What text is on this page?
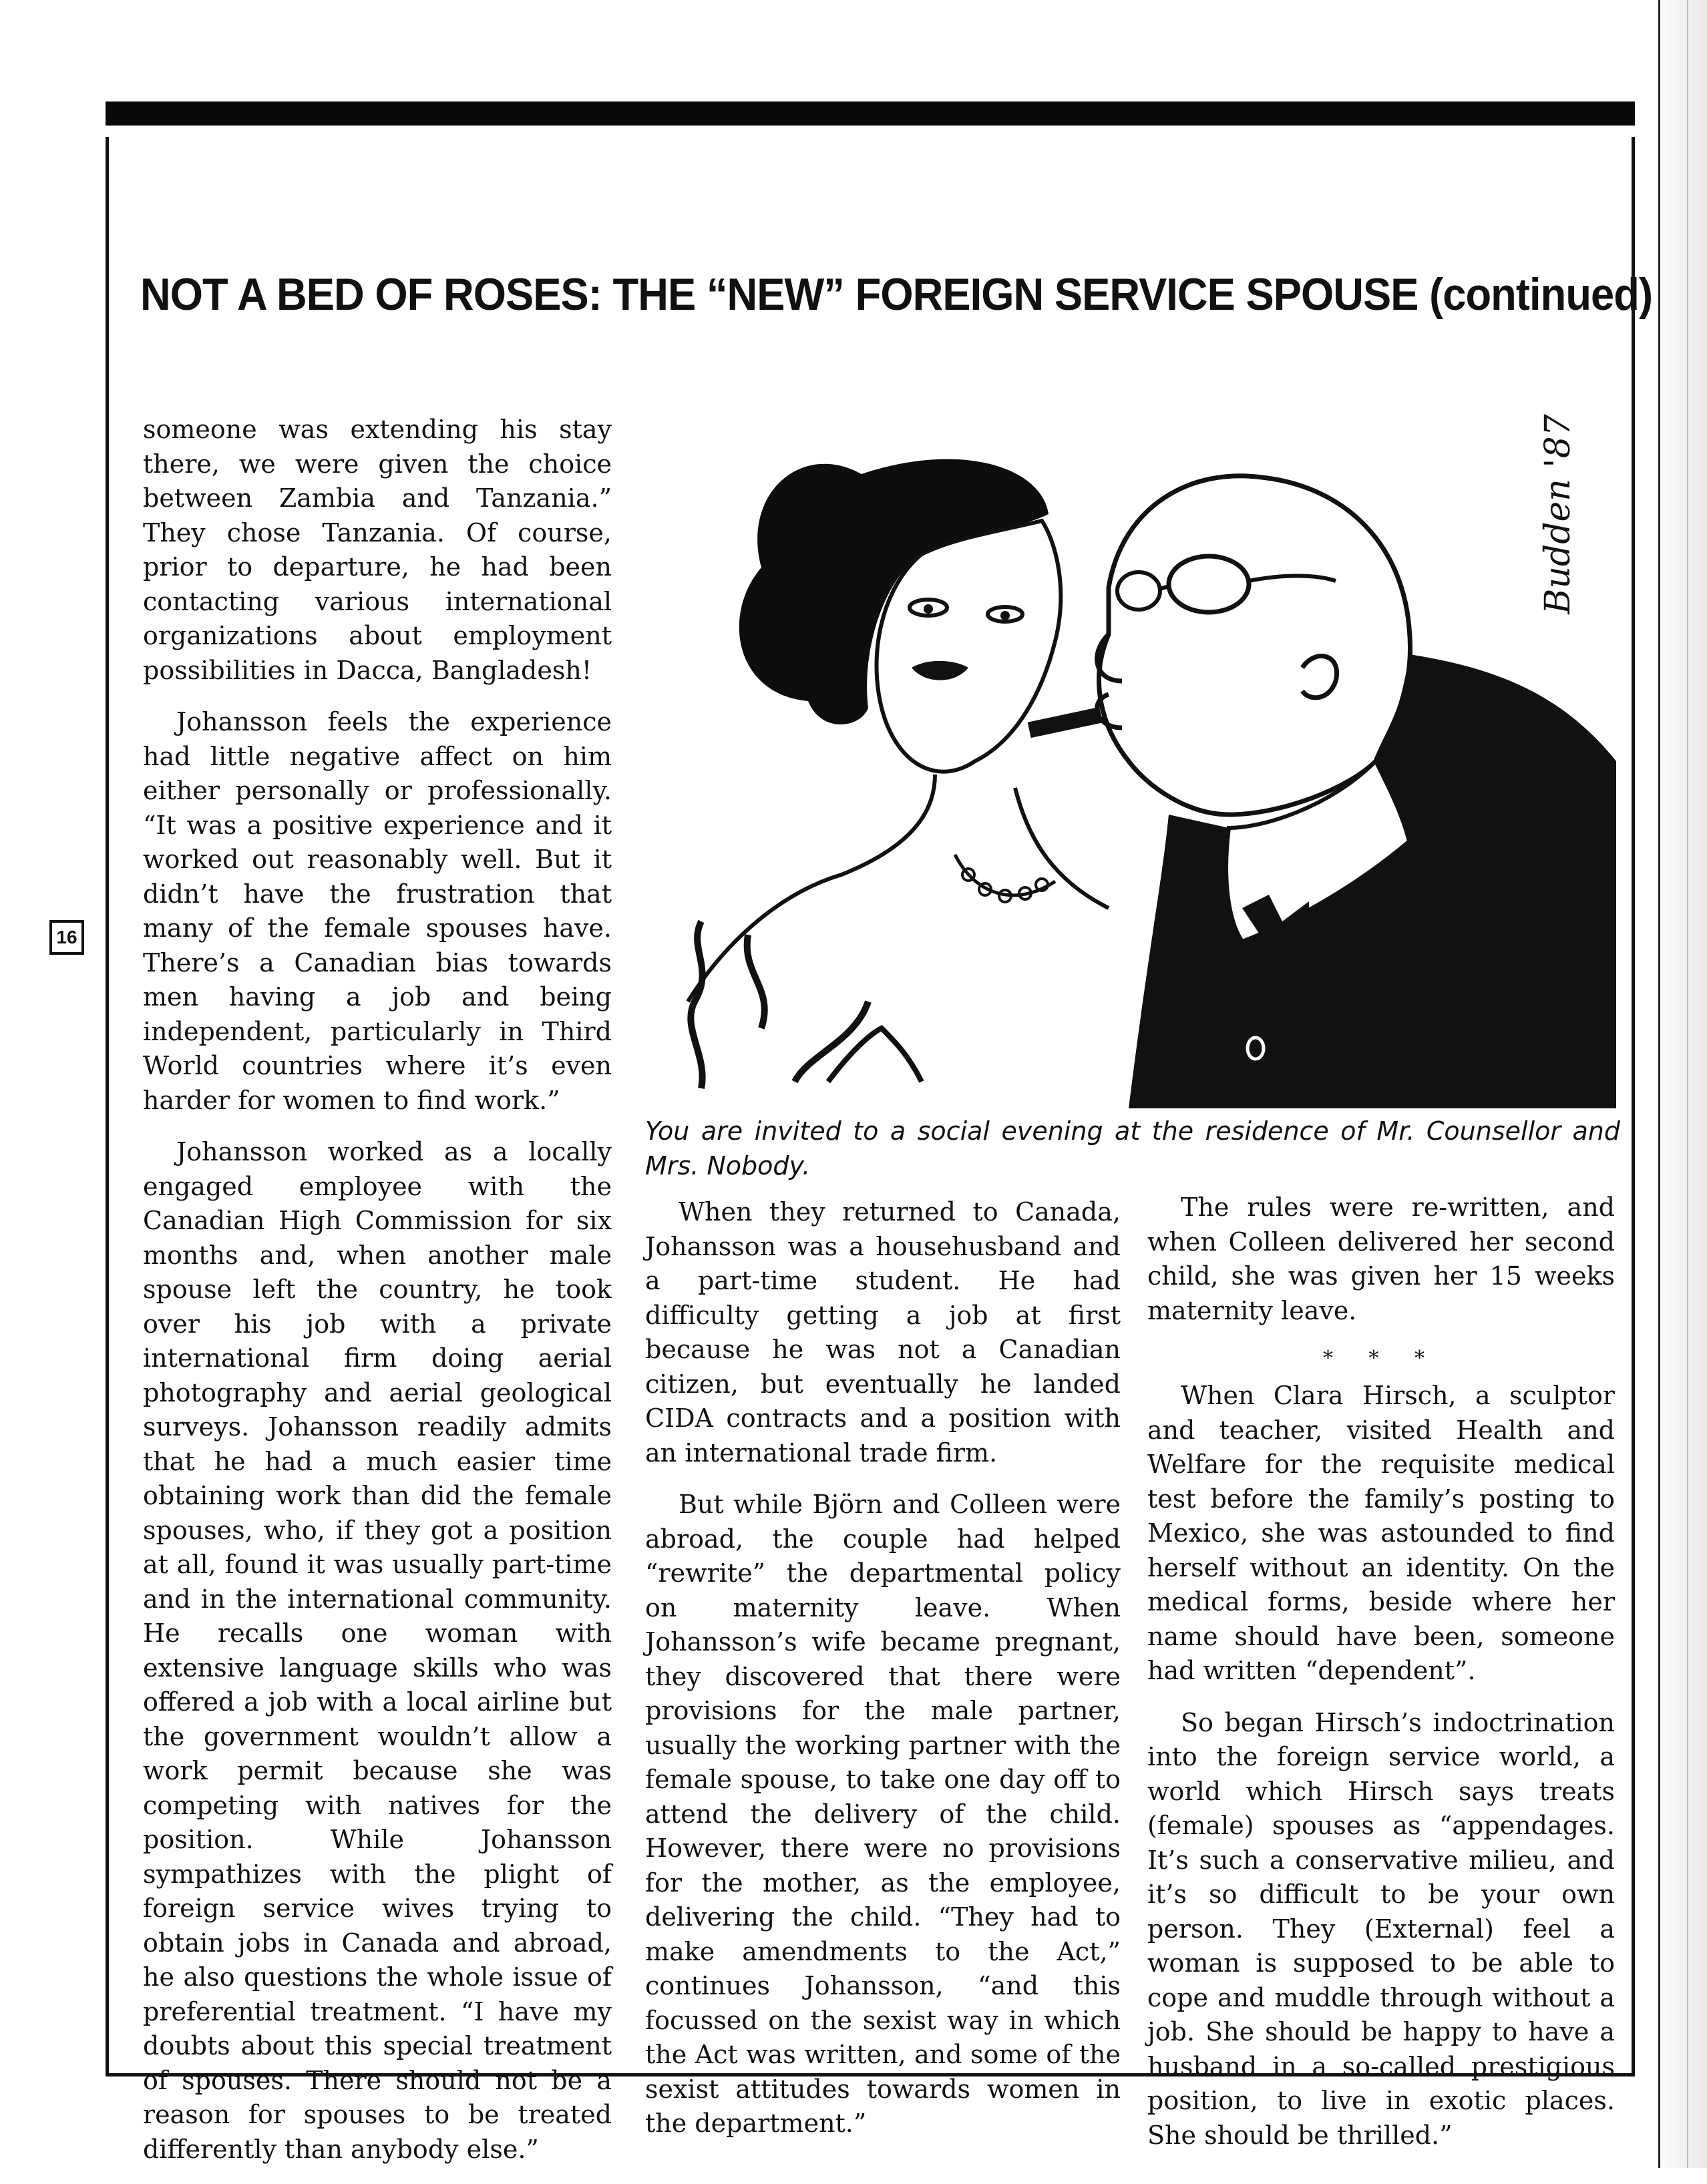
NOT A BED OF ROSES: THE “NEW” FOREIGN SERVICE SPOUSE (continued)
16

someone was extending his stay there, we were given the choice between Zambia and Tanzania.” They chose Tanzania. Of course, prior to departure, he had been contacting various international organizations about employment possibilities in Dacca, Bangladesh!

Johansson feels the experience had little negative affect on him either personally or professionally. “It was a positive experience and it worked out reasonably well. But it didn’t have the frustration that many of the female spouses have. There’s a Canadian bias towards men having a job and being independent, particularly in Third World countries where it’s even harder for women to find work.”

Johansson worked as a locally engaged employee with the Canadian High Commission for six months and, when another male spouse left the country, he took over his job with a private international firm doing aerial photography and aerial geological surveys. Johansson readily admits that he had a much easier time obtaining work than did the female spouses, who, if they got a position at all, found it was usually part-time and in the international community. He recalls one woman with extensive language skills who was offered a job with a local airline but the government wouldn’t allow a work permit because she was competing with natives for the position. While Johansson sympathizes with the plight of foreign service wives trying to obtain jobs in Canada and abroad, he also questions the whole issue of preferential treatment. “I have my doubts about this special treatment of spouses. There should not be a reason for spouses to be treated differently than anybody else.”

Budden '87
You are invited to a social evening at the residence of Mr. Counsellor and Mrs. Nobody.

When they returned to Canada, Johansson was a househusband and a part-time student. He had difficulty getting a job at first because he was not a Canadian citizen, but eventually he landed CIDA contracts and a position with an international trade firm.

But while Björn and Colleen were abroad, the couple had helped “rewrite” the departmental policy on maternity leave. When Johansson’s wife became pregnant, they discovered that there were provisions for the male partner, usually the working partner with the female spouse, to take one day off to attend the delivery of the child. However, there were no provisions for the mother, as the employee, delivering the child. “They had to make amendments to the Act,” continues Johansson, “and this focussed on the sexist way in which the Act was written, and some of the sexist attitudes towards women in the department.”

The rules were re-written, and when Colleen delivered her second child, she was given her 15 weeks maternity leave.

* * *

When Clara Hirsch, a sculptor and teacher, visited Health and Welfare for the requisite medical test before the family’s posting to Mexico, she was astounded to find herself without an identity. On the medical forms, beside where her name should have been, someone had written “dependent”.

So began Hirsch’s indoctrination into the foreign service world, a world which Hirsch says treats (female) spouses as “appendages. It’s such a conservative milieu, and it’s so difficult to be your own person. They (External) feel a woman is supposed to be able to cope and muddle through without a job. She should be happy to have a husband in a so-called prestigious position, to live in exotic places. She should be thrilled.”
